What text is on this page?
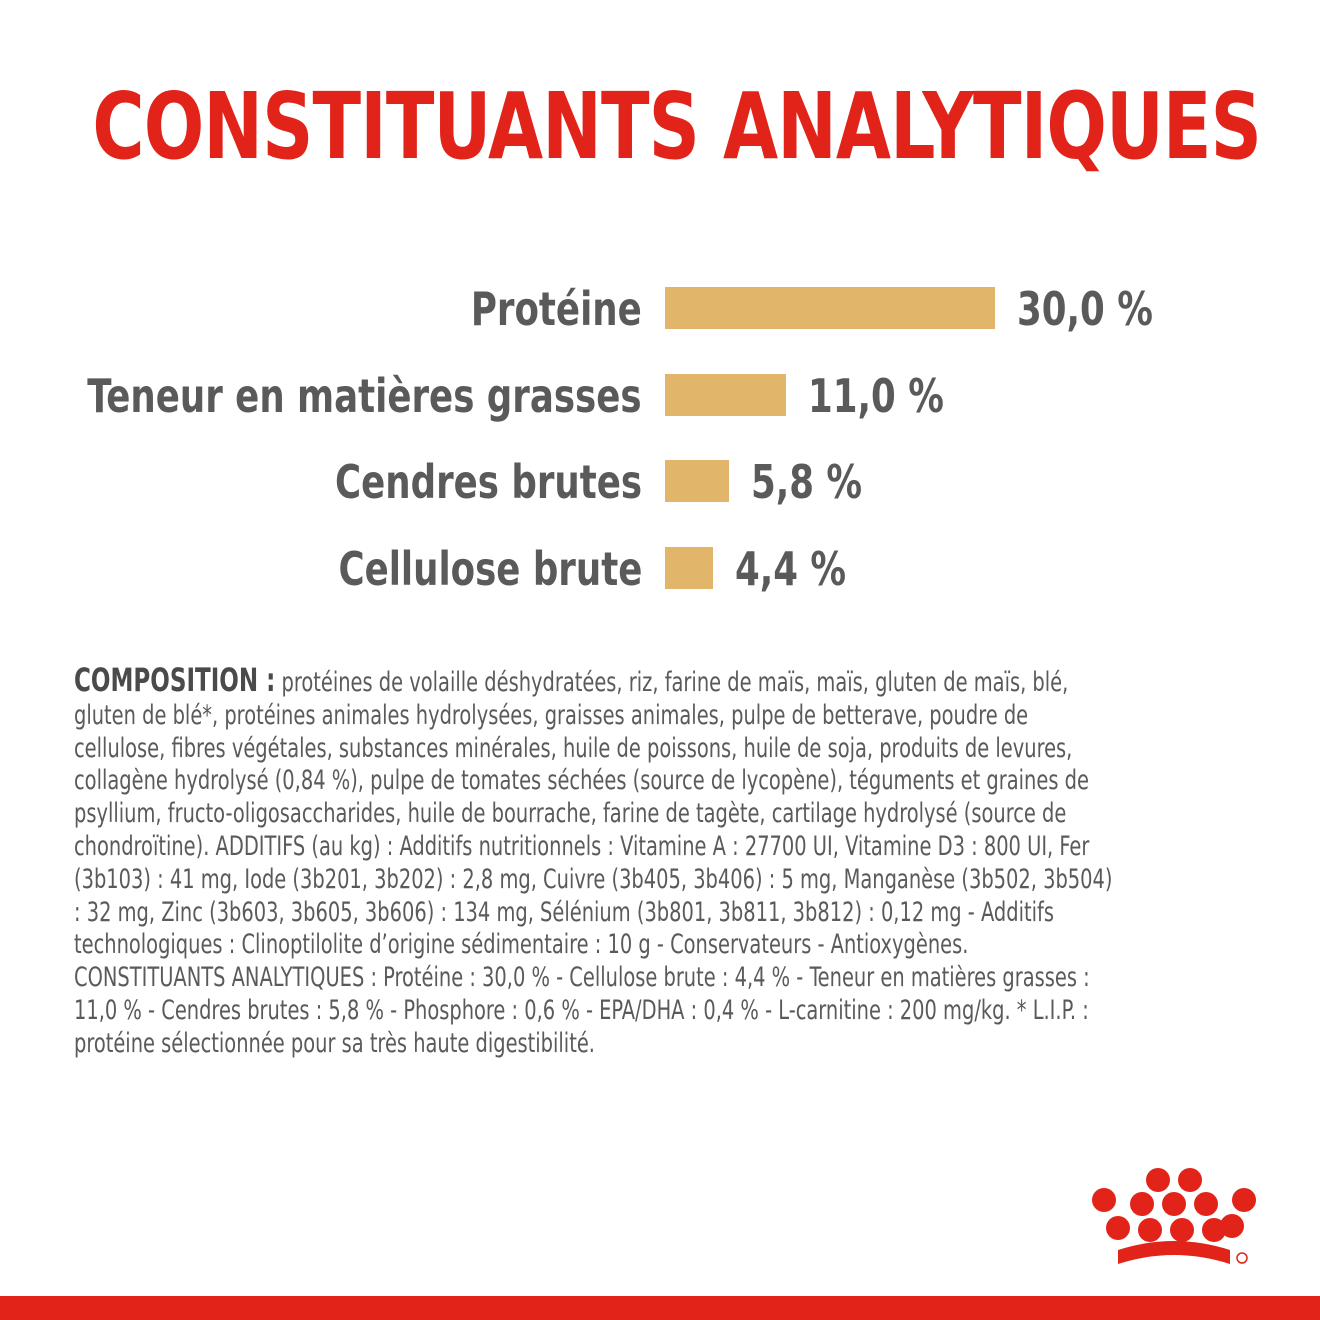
CONSTITUANTS ANALYTIQUES
Protéine	30,0 %
Teneur en matières grasses	11,0 %
Cendres brutes 5,8 %
Cellulose brute 4,4 %
COMPOSITION : protéines de volaille déshydratées, riz, farine de maïs, maïs, gluten de maïs, blé, gluten de blé*, protéines animales hydrolysées, graisses animales, pulpe de betterave, poudre de cellulose, fibres végétales, substances minérales, huile de poissons, huile de soja, produits de levures, collagène hydrolysé (0,84 %), pulpe de tomates séchées (source de lycopène), téguments et graines de psyllium, fructo-oligosaccharides, huile de bourrache, farine de tagète, cartilage hydrolysé (source de chondroïtine). ADDITIFS (au kg) : Additifs nutritionnels : Vitamine A : 27700 UI, Vitamine D3 : 800 UI, Fer (3b103) : 41 mg, Iode (3b201, 3b202) : 2,8 mg, Cuivre (3b405, 3b406) : 5 mg, Manganèse (3b502, 3b504) : 32 mg, Zinc (3b603, 3b605, 3b606) : 134 mg, Sélénium (3b801, 3b811, 3b812) : 0,12 mg - Additifs technologiques : Clinoptilolite d’origine sédimentaire : 10 g - Conservateurs - Antioxygènes. CONSTITUANTS ANALYTIQUES : Protéine : 30,0 % - Cellulose brute : 4,4 % - Teneur en matières grasses : 11,0 % - Cendres brutes : 5,8 % - Phosphore : 0,6 % - EPA/DHA : 0,4 % - L-carnitine : 200 mg/kg. * L.I.P. : protéine sélectionnée pour sa très haute digestibilité.
